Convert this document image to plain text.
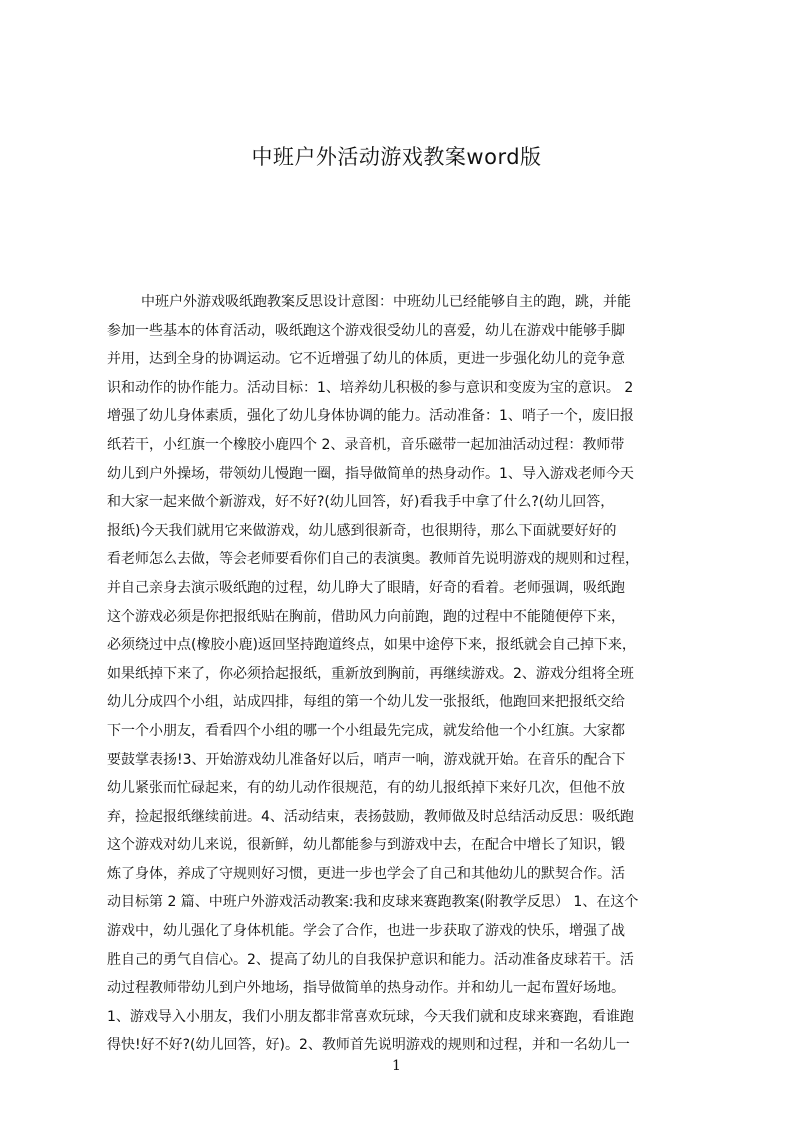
中班户外活动游戏教案word版
中班户外游戏吸纸跑教案反思设计意图：中班幼儿已经能够自主的跑，跳，并能
参加一些基本的体育活动，吸纸跑这个游戏很受幼儿的喜爱，幼儿在游戏中能够手脚
并用，达到全身的协调运动。它不近增强了幼儿的体质，更进一步强化幼儿的竞争意
识和动作的协作能力。活动目标：1、培养幼儿积极的参与意识和变废为宝的意识。 2
增强了幼儿身体素质，强化了幼儿身体协调的能力。活动准备：1、哨子一个，废旧报
纸若干，小红旗一个橡胶小鹿四个 2、录音机，音乐磁带一起加油活动过程：教师带
幼儿到户外操场，带领幼儿慢跑一圈，指导做简单的热身动作。1、导入游戏老师今天
和大家一起来做个新游戏，好不好?(幼儿回答，好)看我手中拿了什么?(幼儿回答，
报纸)今天我们就用它来做游戏，幼儿感到很新奇，也很期待，那么下面就要好好的
看老师怎么去做，等会老师要看你们自己的表演奥。教师首先说明游戏的规则和过程，
并自己亲身去演示吸纸跑的过程，幼儿睁大了眼睛，好奇的看着。老师强调，吸纸跑
这个游戏必须是你把报纸贴在胸前，借助风力向前跑，跑的过程中不能随便停下来，
必须绕过中点(橡胶小鹿)返回坚持跑道终点，如果中途停下来，报纸就会自己掉下来，
如果纸掉下来了，你必须拾起报纸，重新放到胸前，再继续游戏。2、游戏分组将全班
幼儿分成四个小组，站成四排，每组的第一个幼儿发一张报纸，他跑回来把报纸交给
下一个小朋友，看看四个小组的哪一个小组最先完成，就发给他一个小红旗。大家都
要鼓掌表扬!3、开始游戏幼儿准备好以后，哨声一响，游戏就开始。在音乐的配合下
幼儿紧张而忙碌起来，有的幼儿动作很规范，有的幼儿报纸掉下来好几次，但他不放
弃，捡起报纸继续前进。4、活动结束，表扬鼓励，教师做及时总结活动反思：吸纸跑
这个游戏对幼儿来说，很新鲜，幼儿都能参与到游戏中去，在配合中增长了知识，锻
炼了身体，养成了守规则好习惯，更进一步也学会了自己和其他幼儿的默契合作。活
动目标第 2 篇、中班户外游戏活动教案:我和皮球来赛跑教案(附教学反思） 1、在这个
游戏中，幼儿强化了身体机能。学会了合作，也进一步获取了游戏的快乐，增强了战
胜自己的勇气自信心。2、提高了幼儿的自我保护意识和能力。活动准备皮球若干。活
动过程教师带幼儿到户外地场，指导做简单的热身动作。并和幼儿一起布置好场地。
1、游戏导入小朋友，我们小朋友都非常喜欢玩球，今天我们就和皮球来赛跑，看谁跑
得快!好不好?(幼儿回答，好)。2、教师首先说明游戏的规则和过程，并和一名幼儿一
1
